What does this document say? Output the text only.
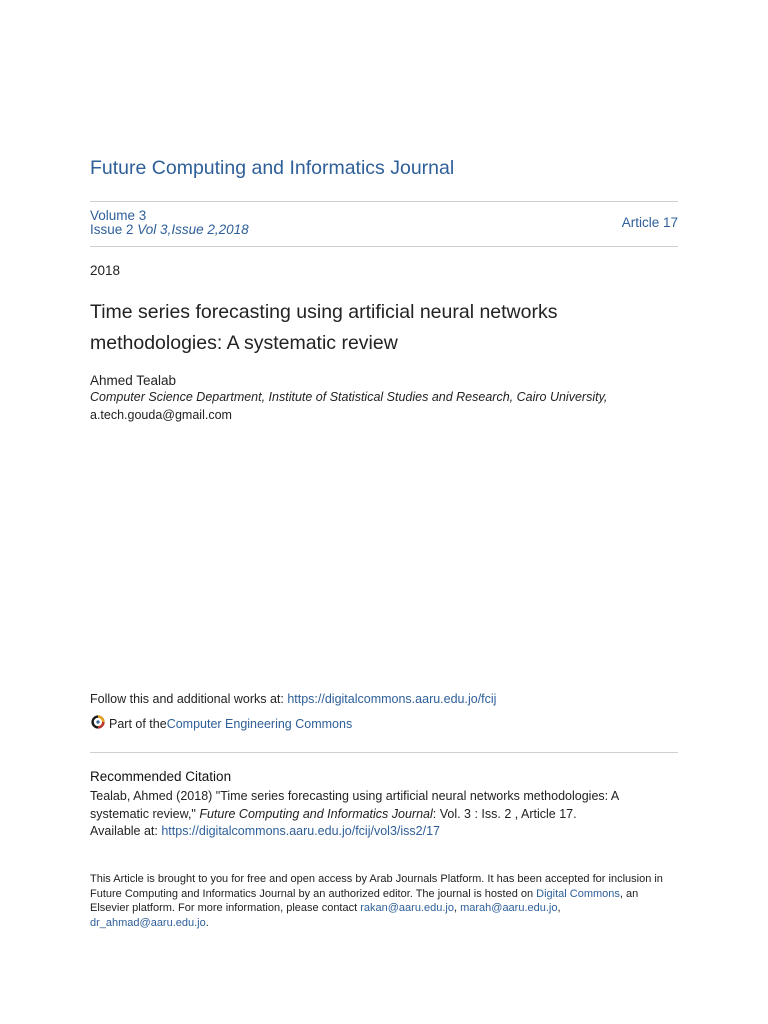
Future Computing and Informatics Journal
Volume 3
Issue 2 Vol 3,Issue 2,2018	Article 17
2018
Time series forecasting using artificial neural networks methodologies: A systematic review
Ahmed Tealab
Computer Science Department, Institute of Statistical Studies and Research, Cairo University,
a.tech.gouda@gmail.com
Follow this and additional works at: https://digitalcommons.aaru.edu.jo/fcij
Part of the Computer Engineering Commons
Recommended Citation
Tealab, Ahmed (2018) "Time series forecasting using artificial neural networks methodologies: A systematic review," Future Computing and Informatics Journal: Vol. 3 : Iss. 2 , Article 17.
Available at: https://digitalcommons.aaru.edu.jo/fcij/vol3/iss2/17
This Article is brought to you for free and open access by Arab Journals Platform. It has been accepted for inclusion in Future Computing and Informatics Journal by an authorized editor. The journal is hosted on Digital Commons, an Elsevier platform. For more information, please contact rakan@aaru.edu.jo, marah@aaru.edu.jo, dr_ahmad@aaru.edu.jo.
